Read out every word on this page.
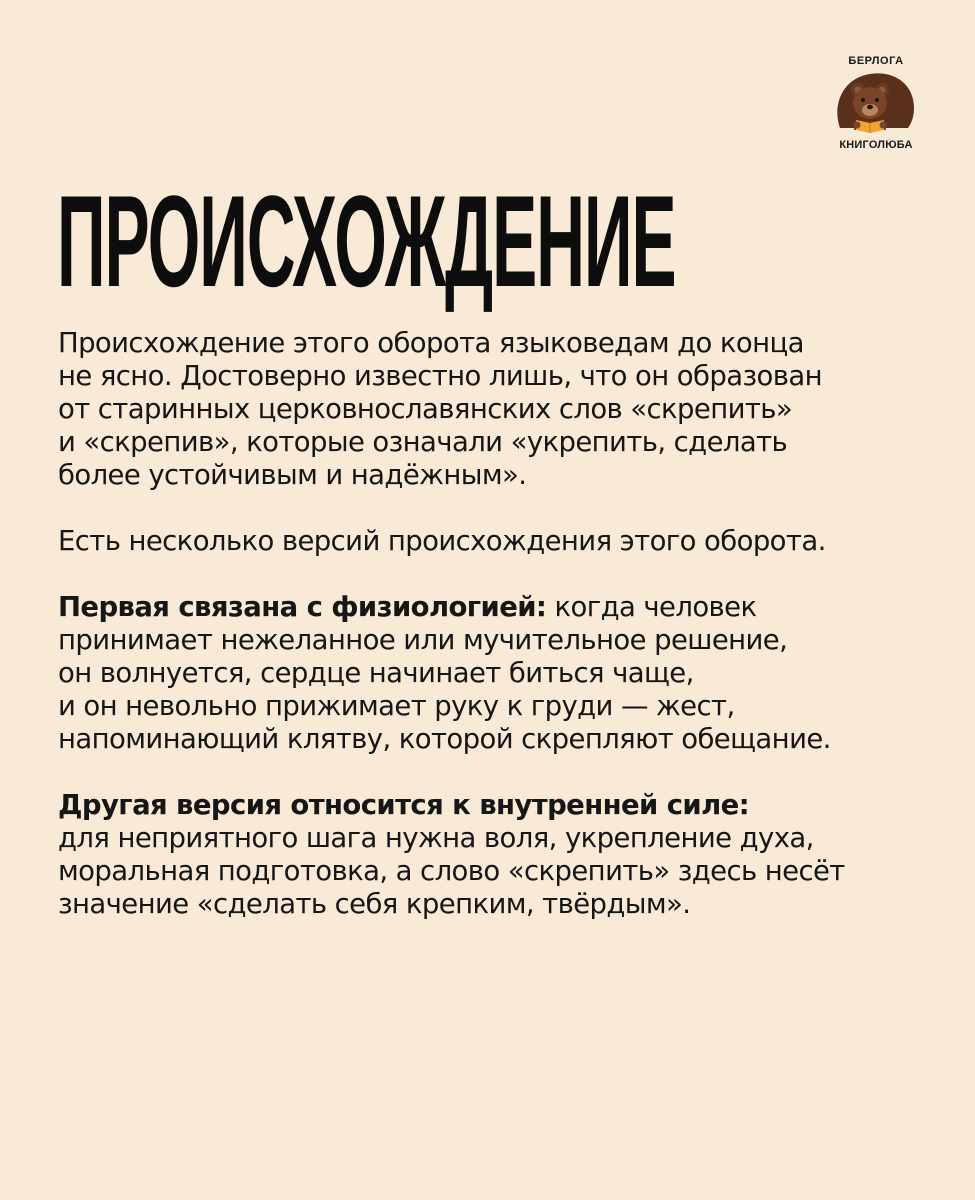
БЕРЛОГА
КНИГОЛЮБА
ПРОИСХОЖДЕНИЕ

Происхождение этого оборота языковедам до конца
не ясно. Достоверно известно лишь, что он образован
от старинных церковнославянских слов «скрепить»
и «скрепив», которые означали «укрепить, сделать
более устойчивым и надёжным».

Есть несколько версий происхождения этого оборота.

Первая связана с физиологией: когда человек
принимает нежеланное или мучительное решение,
он волнуется, сердце начинает биться чаще,
и он невольно прижимает руку к груди — жест,
напоминающий клятву, которой скрепляют обещание.

Другая версия относится к внутренней силе:
для неприятного шага нужна воля, укрепление духа,
моральная подготовка, а слово «скрепить» здесь несёт
значение «сделать себя крепким, твёрдым».
